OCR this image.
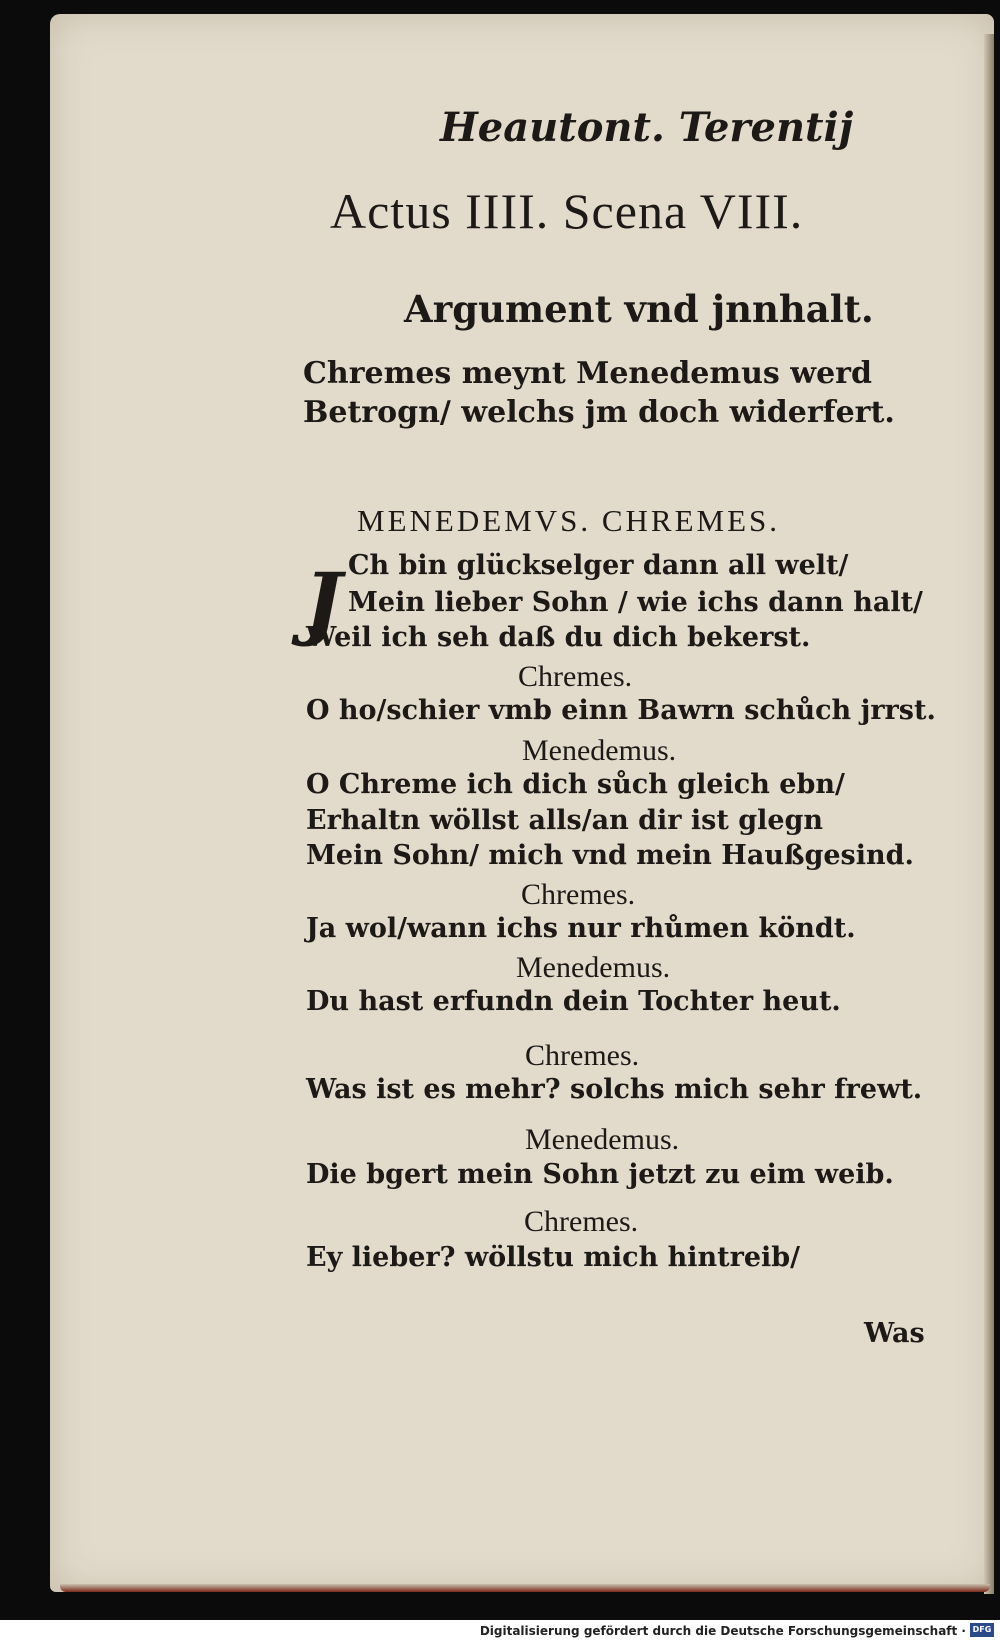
Heautont. Terentij
Actus IIII. Scena VIII.
Argument vnd jnnhalt.
Chremes meynt Menedemus werd
Betrogn/ welchs jm doch widerfert.
MENEDEMVS. CHREMES.
J Ch bin glückselger dann all welt/
Mein lieber Sohn / wie ichs dann halt/
Weil ich seh daß du dich bekerst.
Chremes.
O ho/schier vmb einn Bawrn schůch jrrst.
Menedemus.
O Chreme ich dich sůch gleich ebn/
Erhaltn wöllst alls/an dir ist glegn
Mein Sohn/ mich vnd mein Haußgesind.
Chremes.
Ja wol/wann ichs nur rhůmen köndt.
Menedemus.
Du hast erfundn dein Tochter heut.
Chremes.
Was ist es mehr? solchs mich sehr frewt.
Menedemus.
Die bgert mein Sohn jetzt zu eim weib.
Chremes.
Ey lieber? wöllstu mich hintreib/
Was
Digitalisierung gefördert durch die Deutsche Forschungsgemeinschaft · DFG
